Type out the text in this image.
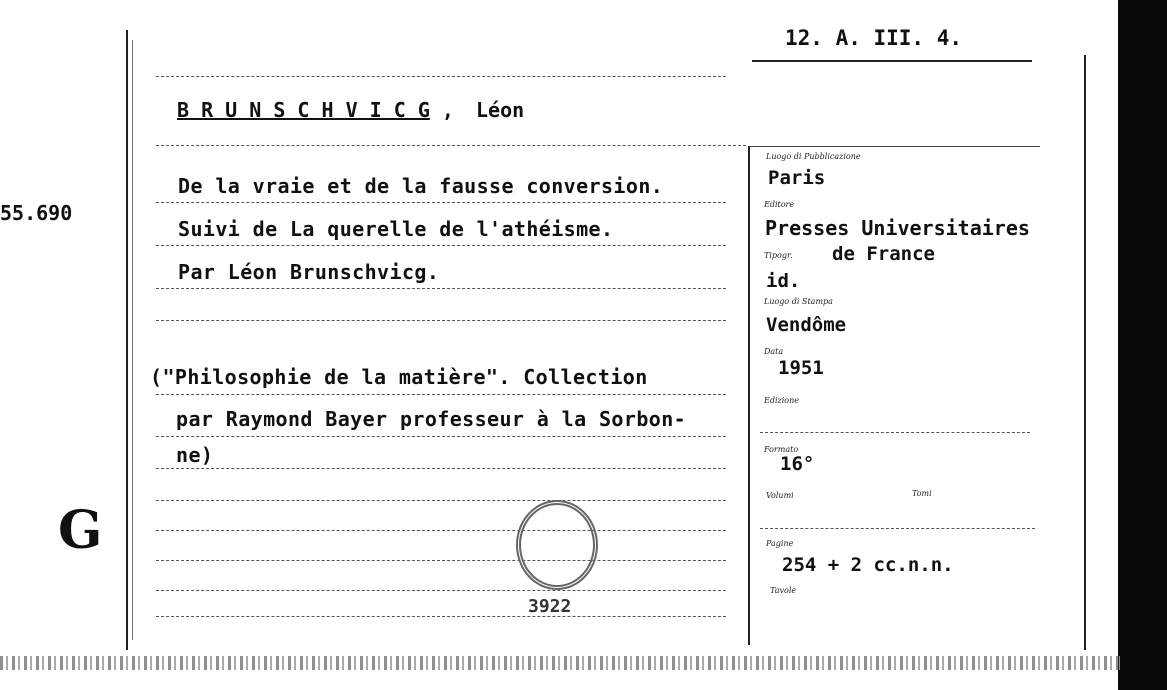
55.690
G
12. A. III. 4.
B R U N S C H V I C G , Léon
De la vraie et de la fausse conversion.
Suivi de La querelle de l'athéisme.
Par Léon Brunschvicg.
("Philosophie de la matière". Collection
par Raymond Bayer professeur à la Sorbon-
ne)
3922
Luogo di Pubblicazione
Paris
Editore
Presses Universitaires
Tipogr. de France
id.
Luogo di Stampa
Vendôme
Data
1951
Edizione
Formato
16°
Volumi	Tomi
Pagine
254 + 2 cc.n.n.
Tavole
